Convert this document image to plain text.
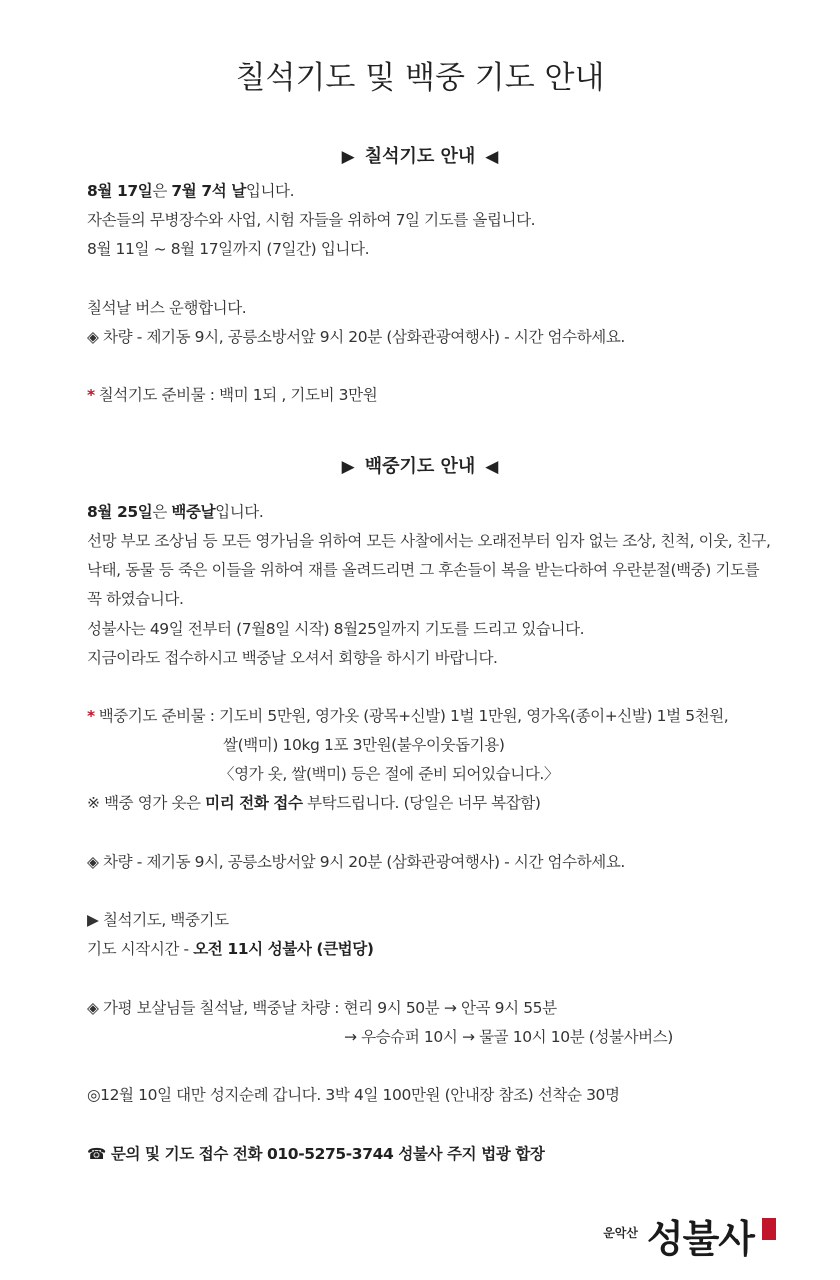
칠석기도 및 백중 기도 안내
▶ 칠석기도 안내 ◀
8월 17일은 7월 7석 날입니다.
자손들의 무병장수와 사업, 시험 자들을 위하여 7일 기도를 올립니다.
8월 11일 ~ 8월 17일까지 (7일간) 입니다.
칠석날 버스 운행합니다.
◈ 차량 - 제기동 9시, 공릉소방서앞 9시 20분 (삼화관광여행사) - 시간 엄수하세요.
* 칠석기도 준비물 : 백미 1되 , 기도비 3만원
▶ 백중기도 안내 ◀
8월 25일은 백중날입니다.
선망 부모 조상님 등 모든 영가님을 위하여 모든 사찰에서는 오래전부터 임자 없는 조상, 친척, 이웃, 친구,
낙태, 동물 등 죽은 이들을 위하여 재를 올려드리면 그 후손들이 복을 받는다하여 우란분절(백중) 기도를
꼭 하였습니다.
성불사는 49일 전부터 (7월8일 시작) 8월25일까지 기도를 드리고 있습니다.
지금이라도 접수하시고 백중날 오셔서 회향을 하시기 바랍니다.
* 백중기도 준비물 : 기도비 5만원, 영가옷 (광목+신발) 1벌 1만원, 영가옥(종이+신발) 1벌 5천원,
쌀(백미) 10kg 1포 3만원(불우이웃돕기용)
〈영가 옷, 쌀(백미) 등은 절에 준비 되어있습니다.〉
※ 백중 영가 옷은 미리 전화 접수 부탁드립니다. (당일은 너무 복잡함)
◈ 차량 - 제기동 9시, 공릉소방서앞 9시 20분 (삼화관광여행사) - 시간 엄수하세요.
▶ 칠석기도, 백중기도
기도 시작시간 - 오전 11시 성불사 (큰법당)
◈ 가평 보살님들 칠석날, 백중날 차량 : 현리 9시 50분 → 안곡 9시 55분
→ 우승슈퍼 10시 → 물골 10시 10분 (성불사버스)
◎12월 10일 대만 성지순례 갑니다. 3박 4일 100만원 (안내장 참조) 선착순 30명
☎ 문의 및 기도 접수 전화 010-5275-3744 성불사 주지 법광 합장
운악산 성불사
